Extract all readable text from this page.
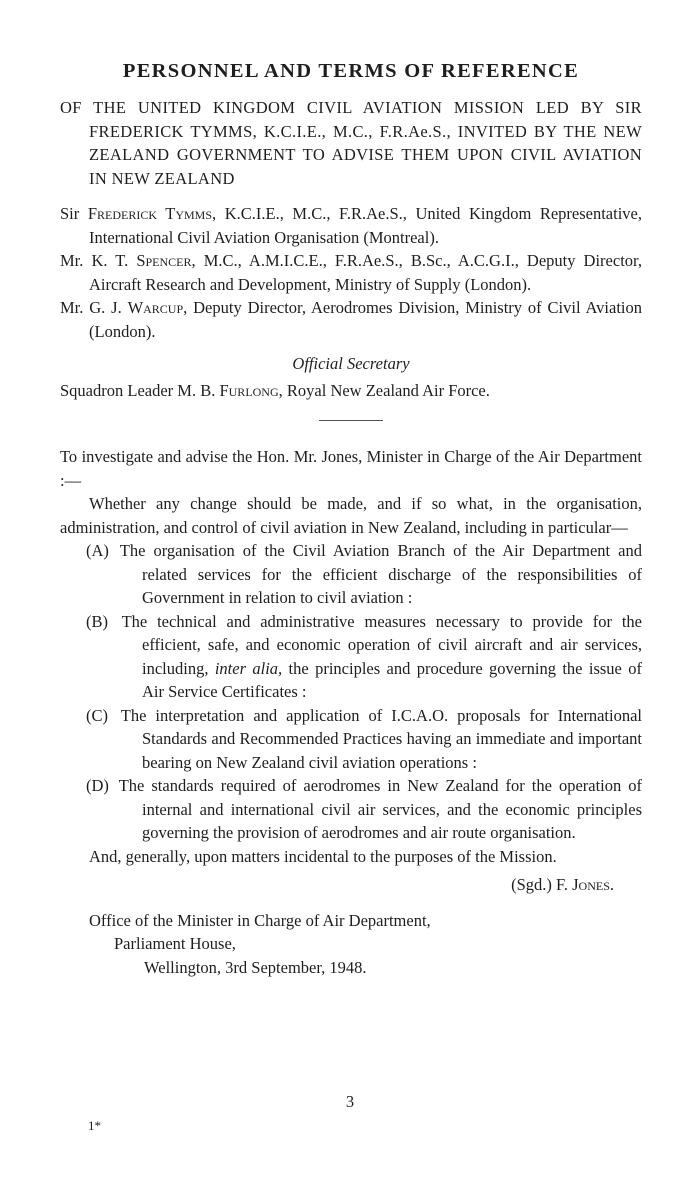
PERSONNEL AND TERMS OF REFERENCE

OF THE UNITED KINGDOM CIVIL AVIATION MISSION LED BY SIR FREDERICK TYMMS, K.C.I.E., M.C., F.R.Ae.S., INVITED BY THE NEW ZEALAND GOVERNMENT TO ADVISE THEM UPON CIVIL AVIATION IN NEW ZEALAND

Sir Frederick Tymms, K.C.I.E., M.C., F.R.Ae.S., United Kingdom Representative, International Civil Aviation Organisation (Montreal).

Mr. K. T. Spencer, M.C., A.M.I.C.E., F.R.Ae.S., B.Sc., A.C.G.I., Deputy Director, Aircraft Research and Development, Ministry of Supply (London).

Mr. G. J. Warcup, Deputy Director, Aerodromes Division, Ministry of Civil Aviation (London).

Official Secretary

Squadron Leader M. B. Furlong, Royal New Zealand Air Force.

To investigate and advise the Hon. Mr. Jones, Minister in Charge of the Air Department :—

Whether any change should be made, and if so what, in the organisation, administration, and control of civil aviation in New Zealand, including in particular—

(A) The organisation of the Civil Aviation Branch of the Air Department and related services for the efficient discharge of the responsibilities of Government in relation to civil aviation :

(B) The technical and administrative measures necessary to provide for the efficient, safe, and economic operation of civil aircraft and air services, including, inter alia, the principles and procedure governing the issue of Air Service Certificates :

(C) The interpretation and application of I.C.A.O. proposals for International Standards and Recommended Practices having an immediate and important bearing on New Zealand civil aviation operations :

(D) The standards required of aerodromes in New Zealand for the operation of internal and international civil air services, and the economic principles governing the provision of aerodromes and air route organisation.

And, generally, upon matters incidental to the purposes of the Mission.

(Sgd.) F. Jones.

Office of the Minister in Charge of Air Department,
Parliament House,
Wellington, 3rd September, 1948.
3
1*
